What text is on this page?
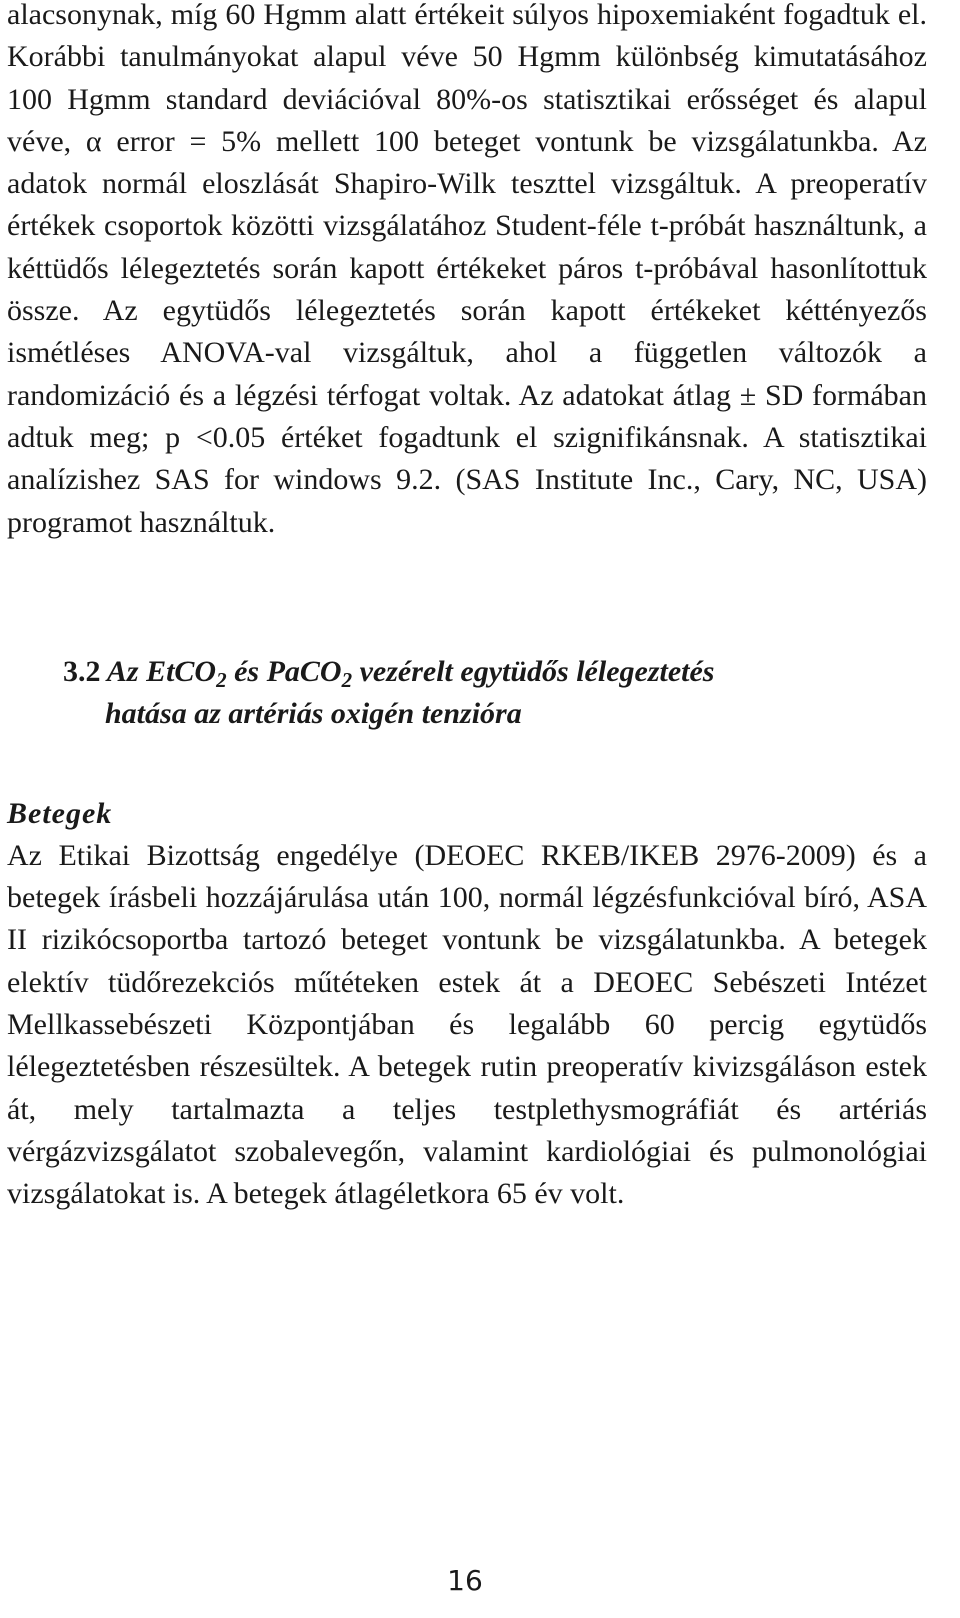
alacsonynak, míg 60 Hgmm alatt értékeit súlyos hipoxemiaként fogadtuk el. Korábbi tanulmányokat alapul véve 50 Hgmm különbség kimutatásához 100 Hgmm standard deviációval 80%-os statisztikai erősséget és alapul véve, α error = 5% mellett 100 beteget vontunk be vizsgálatunkba. Az adatok normál eloszlását Shapiro-Wilk teszttel vizsgáltuk. A preoperatív értékek csoportok közötti vizsgálatához Student-féle t-próbát használtunk, a kéttüdős lélegeztetés során kapott értékeket páros t-próbával hasonlítottuk össze. Az egytüdős lélegeztetés során kapott értékeket kéttényezős ismétléses ANOVA-val vizsgáltuk, ahol a független változók a randomizáció és a légzési térfogat voltak. Az adatokat átlag ± SD formában adtuk meg; p <0.05 értéket fogadtunk el szignifikánsnak. A statisztikai analízishez SAS for windows 9.2. (SAS Institute Inc., Cary, NC, USA) programot használtuk.

3.2 Az EtCO$_2$ és PaCO$_2$ vezérelt egytüdős lélegeztetés
hatása az artériás oxigén tenzióra
Betegek

Az Etikai Bizottság engedélye (DEOEC RKEB/IKEB 2976-2009) és a betegek írásbeli hozzájárulása után 100, normál légzésfunkcióval bíró, ASA II rizikócsoportba tartozó beteget vontunk be vizsgálatunkba. A betegek elektív tüdőrezekciós műtéteken estek át a DEOEC Sebészeti Intézet Mellkassebészeti Központjában és legalább 60 percig egytüdős lélegeztetésben részesültek. A betegek rutin preoperatív kivizsgáláson estek át, mely tartalmazta a teljes testplethysmográfiát és artériás vérgázvizsgálatot szobalevegőn, valamint kardiológiai és pulmonológiai vizsgálatokat is. A betegek átlagéletkora 65 év volt.

16
